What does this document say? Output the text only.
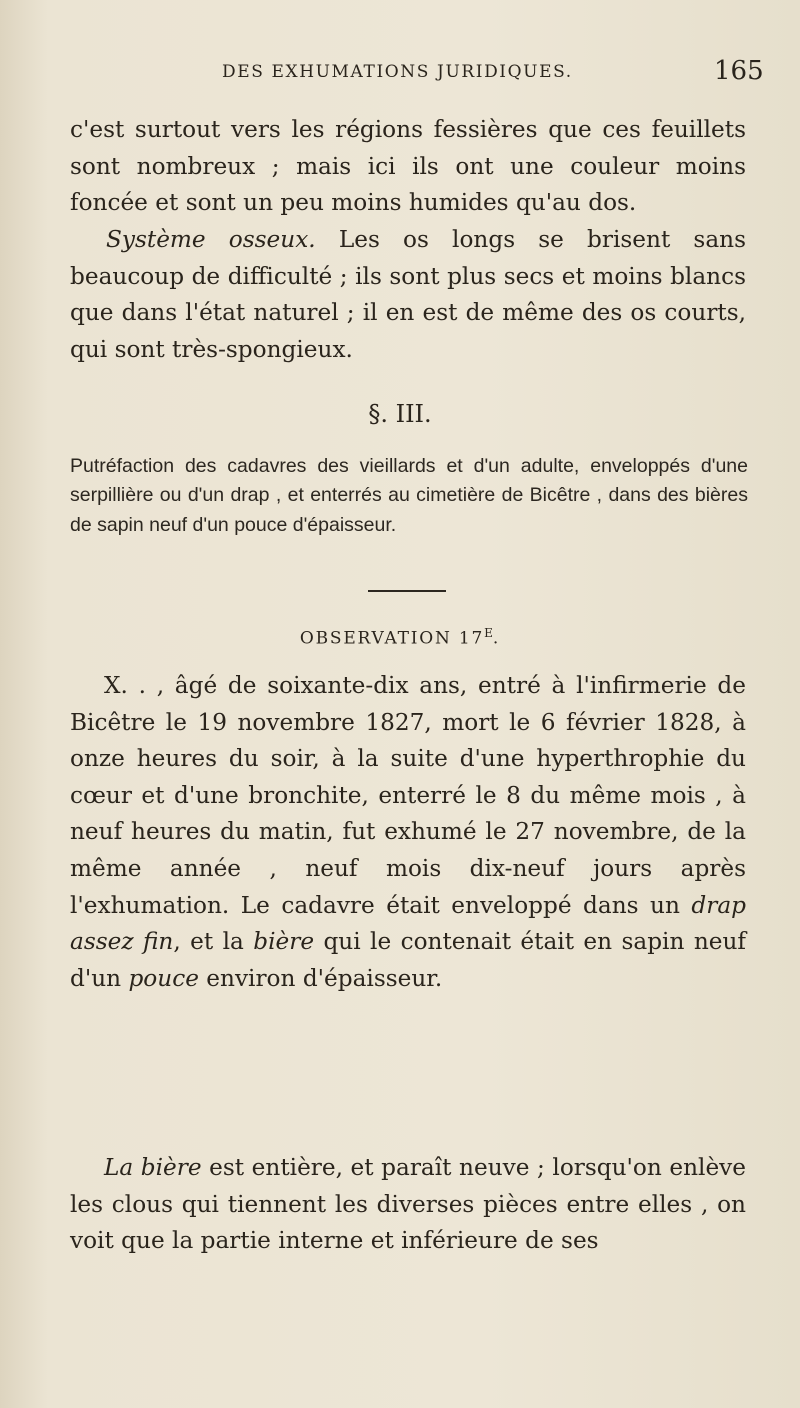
DES EXHUMATIONS JURIDIQUES.	165

c'est surtout vers les régions fessières que ces feuillets sont nombreux ; mais ici ils ont une couleur moins foncée et sont un peu moins humides qu'au dos.

Système osseux. Les os longs se brisent sans beaucoup de difficulté ; ils sont plus secs et moins blancs que dans l'état naturel ; il en est de même des os courts, qui sont très-spongieux.

§. III.

Putréfaction des cadavres des vieillards et d'un adulte, enveloppés d'une serpillière ou d'un drap , et enterrés au cimetière de Bicêtre , dans des bières de sapin neuf d'un pouce d'épaisseur.

OBSERVATION $17^E$.

X. . , âgé de soixante-dix ans, entré à l'infirmerie de Bicêtre le 19 novembre 1827, mort le 6 février 1828, à onze heures du soir, à la suite d'une hyperthrophie du cœur et d'une bronchite, enterré le 8 du même mois , à neuf heures du matin, fut exhumé le 27 novembre, de la même année , neuf mois dix-neuf jours après l'exhumation. Le cadavre était enveloppé dans un drap assez fin, et la bière qui le contenait était en sapin neuf d'un pouce environ d'épaisseur.

La bière est entière, et paraît neuve ; lorsqu'on enlève les clous qui tiennent les diverses pièces entre elles , on voit que la partie interne et inférieure de ses
